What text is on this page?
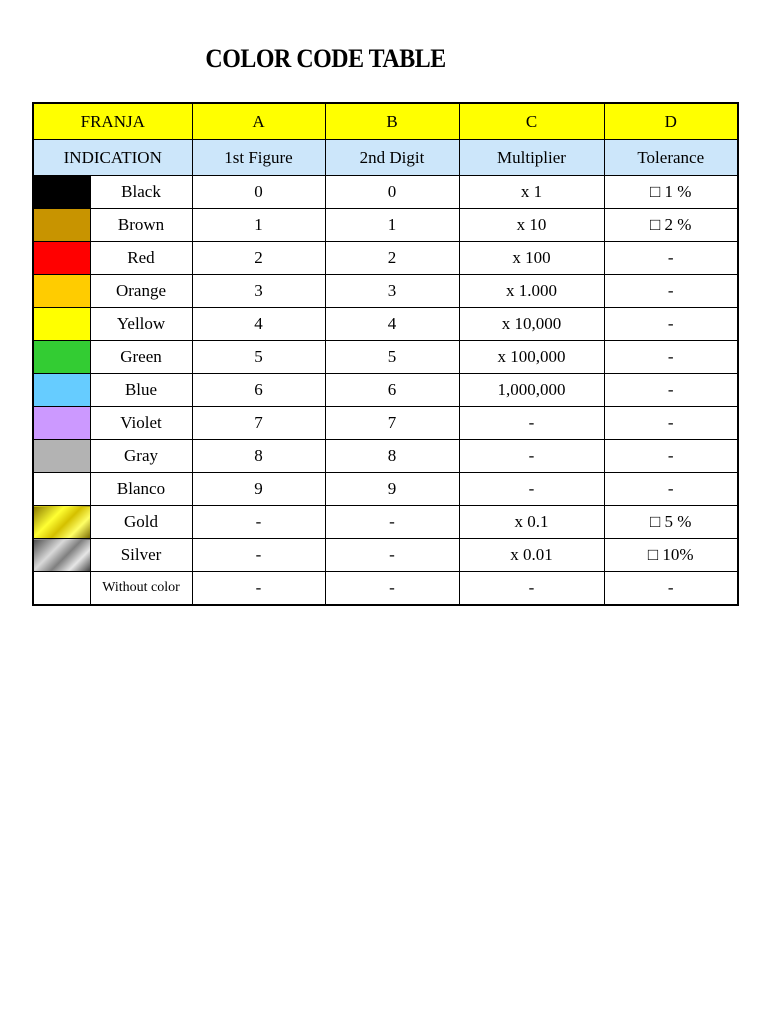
COLOR CODE TABLE
FRANJA		A	B	C	D
INDICATION		1st Figure	2nd Digit	Multiplier	Tolerance
	Black	0	0	x 1	□ 1 %
	Brown	1	1	x 10	□ 2 %
	Red	2	2	x 100	-
	Orange	3	3	x 1.000	-
	Yellow	4	4	x 10,000	-
	Green	5	5	x 100,000	-
	Blue	6	6	1,000,000	-
	Violet	7	7	-	-
	Gray	8	8	-	-
	Blanco	9	9	-	-
	Gold	-	-	x 0.1	□ 5 %
	Silver	-	-	x 0.01	□ 10%
	Without color	-	-	-	-
